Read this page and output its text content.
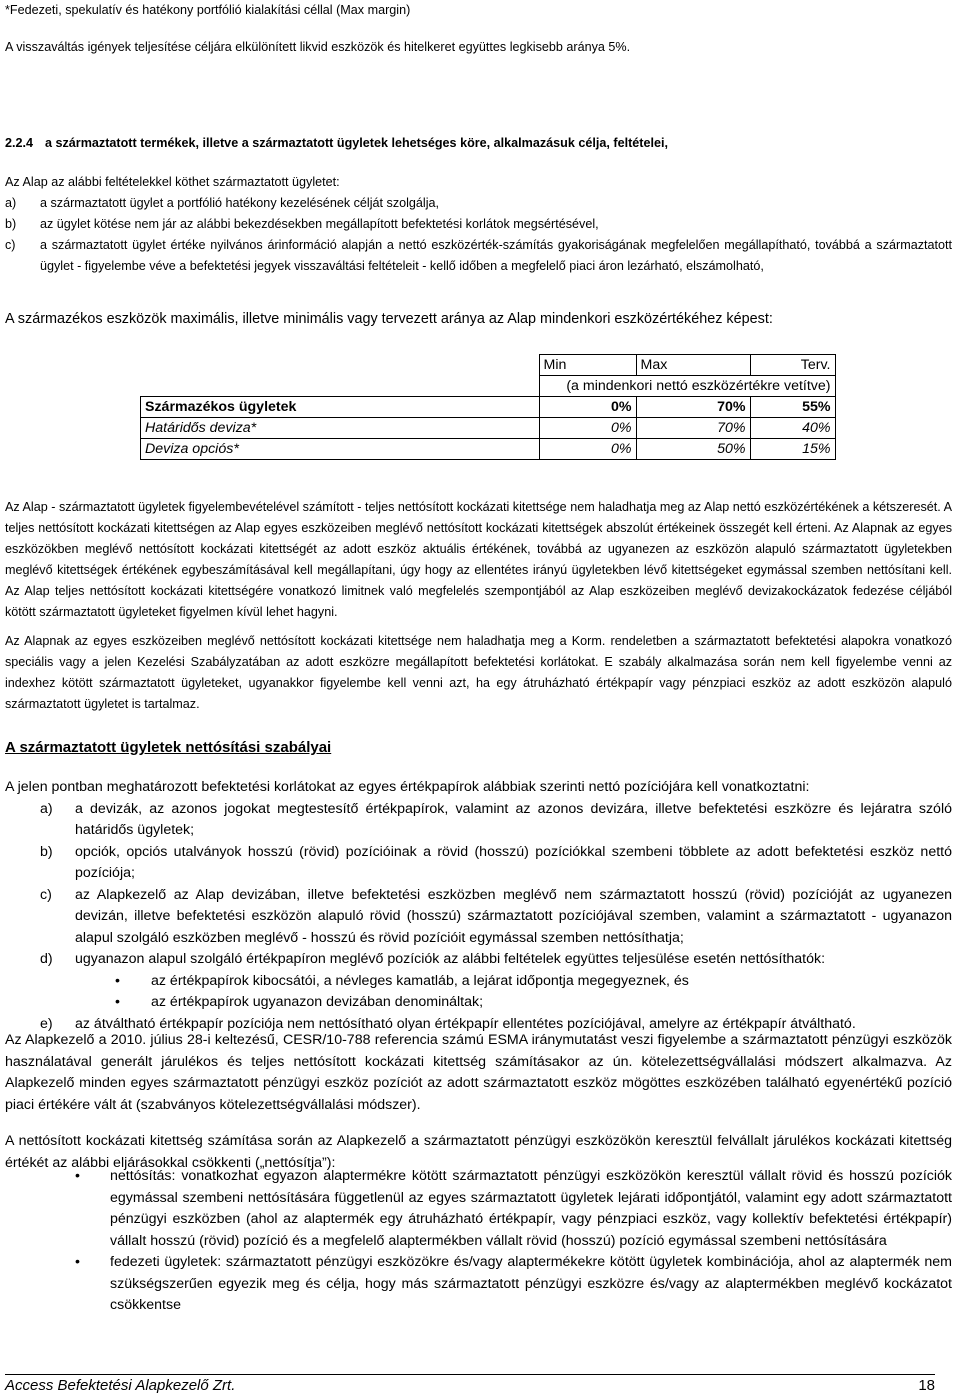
*Fedezeti, spekulatív és hatékony portfólió kialakítási céllal (Max margin)
A visszaváltás igények teljesítése céljára elkülönített likvid eszközök és hitelkeret együttes legkisebb aránya 5%.
2.2.4 a származtatott termékek, illetve a származtatott ügyletek lehetséges köre, alkalmazásuk célja, feltételei,
Az Alap az alábbi feltételekkel köthet származtatott ügyletet:
a)	a származtatott ügylet a portfólió hatékony kezelésének célját szolgálja,
b)	az ügylet kötése nem jár az alábbi bekezdésekben megállapított befektetési korlátok megsértésével,
c)	a származtatott ügylet értéke nyilvános árinformáció alapján a nettó eszközérték-számítás gyakoriságának megfelelően megállapítható, továbbá a származtatott ügylet - figyelembe véve a befektetési jegyek visszaváltási feltételeit - kellő időben a megfelelő piaci áron lezárható, elszámolható,
A származékos eszközök maximális, illetve minimális vagy tervezett aránya az Alap mindenkori eszközértékéhez képest:
	Min	Max	Terv.
	(a mindenkori nettó eszközértékre vetítve)		
Származékos ügyletek	0%	70%	55%
Határidős deviza*	0%	70%	40%
Deviza opciós*	0%	50%	15%
Az Alap - származtatott ügyletek figyelembevételével számított - teljes nettósított kockázati kitettsége nem haladhatja meg az Alap nettó eszközértékének a kétszeresét. A teljes nettósított kockázati kitettségen az Alap egyes eszközeiben meglévő nettósított kockázati kitettségek abszolút értékeinek összegét kell érteni. Az Alapnak az egyes eszközökben meglévő nettósított kockázati kitettségét az adott eszköz aktuális értékének, továbbá az ugyanezen az eszközön alapuló származtatott ügyletekben meglévő kitettségek értékének egybeszámításával kell megállapítani, úgy hogy az ellentétes irányú ügyletekben lévő kitettségeket egymással szemben nettósítani kell. Az Alap teljes nettósított kockázati kitettségére vonatkozó limitnek való megfelelés szempontjából az Alap eszközeiben meglévő devizakockázatok fedezése céljából kötött származtatott ügyleteket figyelmen kívül lehet hagyni.
Az Alapnak az egyes eszközeiben meglévő nettósított kockázati kitettsége nem haladhatja meg a Korm. rendeletben a származtatott befektetési alapokra vonatkozó speciális vagy a jelen Kezelési Szabályzatában az adott eszközre megállapított befektetési korlátokat. E szabály alkalmazása során nem kell figyelembe venni az indexhez kötött származtatott ügyleteket, ugyanakkor figyelembe kell venni azt, ha egy átruházható értékpapír vagy pénzpiaci eszköz az adott eszközön alapuló származtatott ügyletet is tartalmaz.
A származtatott ügyletek nettósítási szabályai
A jelen pontban meghatározott befektetési korlátokat az egyes értékpapírok alábbiak szerinti nettó pozíciójára kell vonatkoztatni:
a)	a devizák, az azonos jogokat megtestesítő értékpapírok, valamint az azonos devizára, illetve befektetési eszközre és lejáratra szóló határidős ügyletek;
b)	opciók, opciós utalványok hosszú (rövid) pozícióinak a rövid (hosszú) pozíciókkal szembeni többlete az adott befektetési eszköz nettó pozíciója;
c)	az Alapkezelő az Alap devizában, illetve befektetési eszközben meglévő nem származtatott hosszú (rövid) pozícióját az ugyanezen devizán, illetve befektetési eszközön alapuló rövid (hosszú) származtatott pozíciójával szemben, valamint a származtatott - ugyanazon alapul szolgáló eszközben meglévő - hosszú és rövid pozícióit egymással szemben nettósíthatja;
d)	ugyanazon alapul szolgáló értékpapíron meglévő pozíciók az alábbi feltételek együttes teljesülése esetén nettósíthatók:
•	az értékpapírok kibocsátói, a névleges kamatláb, a lejárat időpontja megegyeznek, és
•	az értékpapírok ugyanazon devizában denomináltak;
e)	az átváltható értékpapír pozíciója nem nettósítható olyan értékpapír ellentétes pozíciójával, amelyre az értékpapír átváltható.
Az Alapkezelő a 2010. július 28-i keltezésű, CESR/10-788 referencia számú ESMA iránymutatást veszi figyelembe a származtatott pénzügyi eszközök használatával generált járulékos és teljes nettósított kockázati kitettség számításakor az ún. kötelezettségvállalási módszert alkalmazva. Az Alapkezelő minden egyes származtatott pénzügyi eszköz pozíciót az adott származtatott eszköz mögöttes eszközében található egyenértékű pozíció piaci értékére vált át (szabványos kötelezettségvállalási módszer).
A nettósított kockázati kitettség számítása során az Alapkezelő a származtatott pénzügyi eszközökön keresztül felvállalt járulékos kockázati kitettség értékét az alábbi eljárásokkal csökkenti („nettósítja”):
•	nettósítás: vonatkozhat egyazon alaptermékre kötött származtatott pénzügyi eszközökön keresztül vállalt rövid és hosszú pozíciók egymással szembeni nettósítására függetlenül az egyes származtatott ügyletek lejárati időpontjától, valamint egy adott származtatott pénzügyi eszközben (ahol az alaptermék egy átruházható értékpapír, vagy pénzpiaci eszköz, vagy kollektív befektetési értékpapír) vállalt hosszú (rövid) pozíció és a megfelelő alaptermékben vállalt rövid (hosszú) pozíció egymással szembeni nettósítására
•	fedezeti ügyletek: származtatott pénzügyi eszközökre és/vagy alaptermékekre kötött ügyletek kombinációja, ahol az alaptermék nem szükségszerűen egyezik meg és célja, hogy más származtatott pénzügyi eszközre és/vagy az alaptermékben meglévő kockázatot csökkentse
Access Befektetési Alapkezelő Zrt.	18
